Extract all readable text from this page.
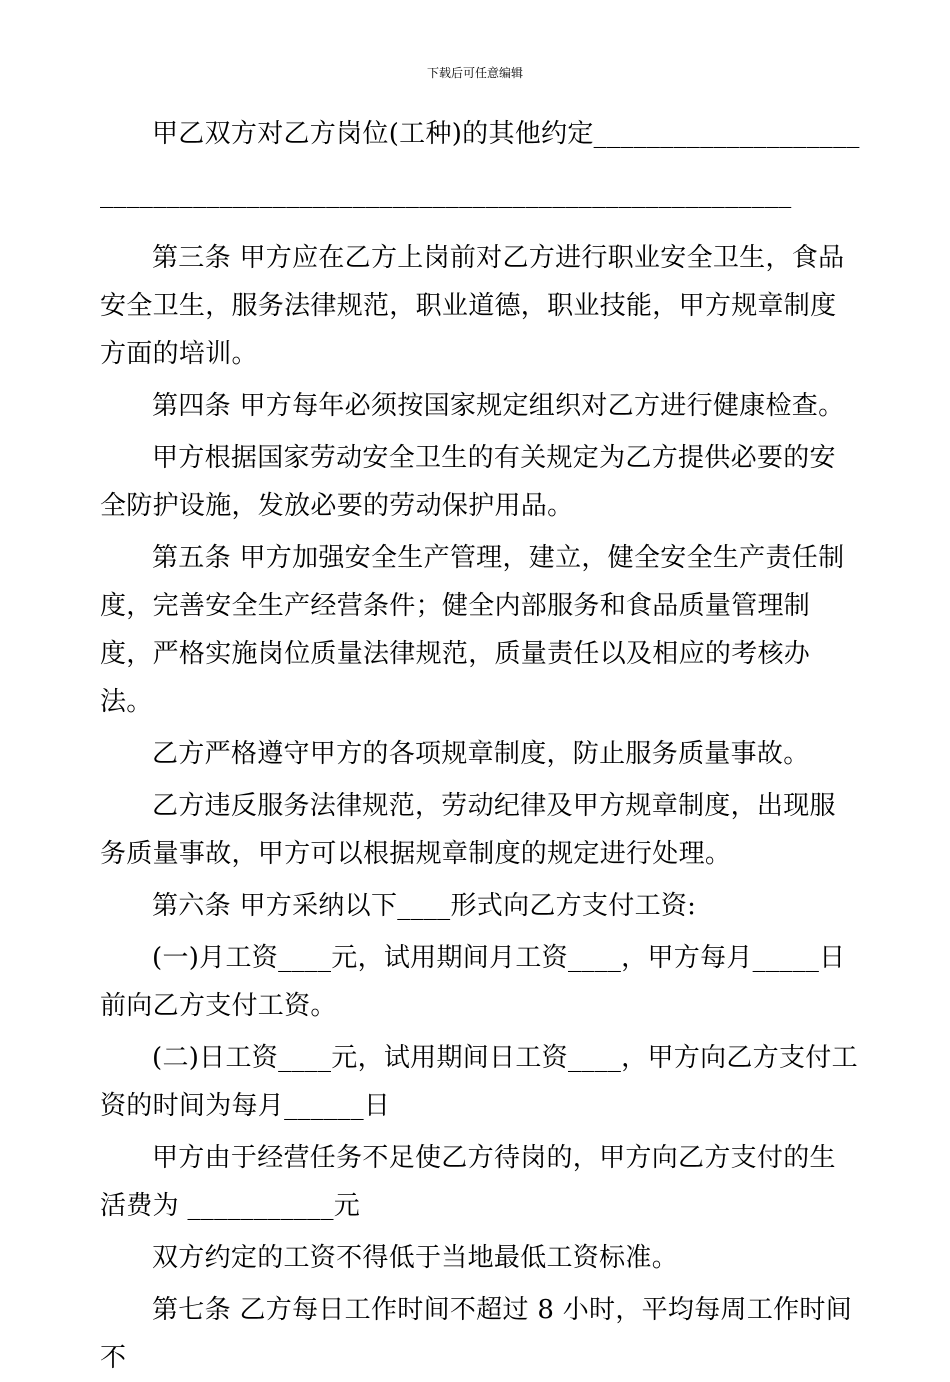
下载后可任意编辑

甲乙双方对乙方岗位(工种)的其他约定____________________

____________________________________________________

第三条 甲方应在乙方上岗前对乙方进行职业安全卫生，食品安全卫生，服务法律规范，职业道德，职业技能，甲方规章制度方面的培训。

第四条 甲方每年必须按国家规定组织对乙方进行健康检查。

甲方根据国家劳动安全卫生的有关规定为乙方提供必要的安全防护设施，发放必要的劳动保护用品。

第五条 甲方加强安全生产管理，建立，健全安全生产责任制度，完善安全生产经营条件；健全内部服务和食品质量管理制度，严格实施岗位质量法律规范，质量责任以及相应的考核办法。

乙方严格遵守甲方的各项规章制度，防止服务质量事故。

乙方违反服务法律规范，劳动纪律及甲方规章制度，出现服务质量事故，甲方可以根据规章制度的规定进行处理。

第六条 甲方采纳以下____形式向乙方支付工资:

(一)月工资____元，试用期间月工资____，甲方每月_____日前向乙方支付工资。

(二)日工资____元，试用期间日工资____，甲方向乙方支付工资的时间为每月______日

甲方由于经营任务不足使乙方待岗的，甲方向乙方支付的生活费为 ___________元

双方约定的工资不得低于当地最低工资标准。

第七条 乙方每日工作时间不超过 8 小时，平均每周工作时间不
